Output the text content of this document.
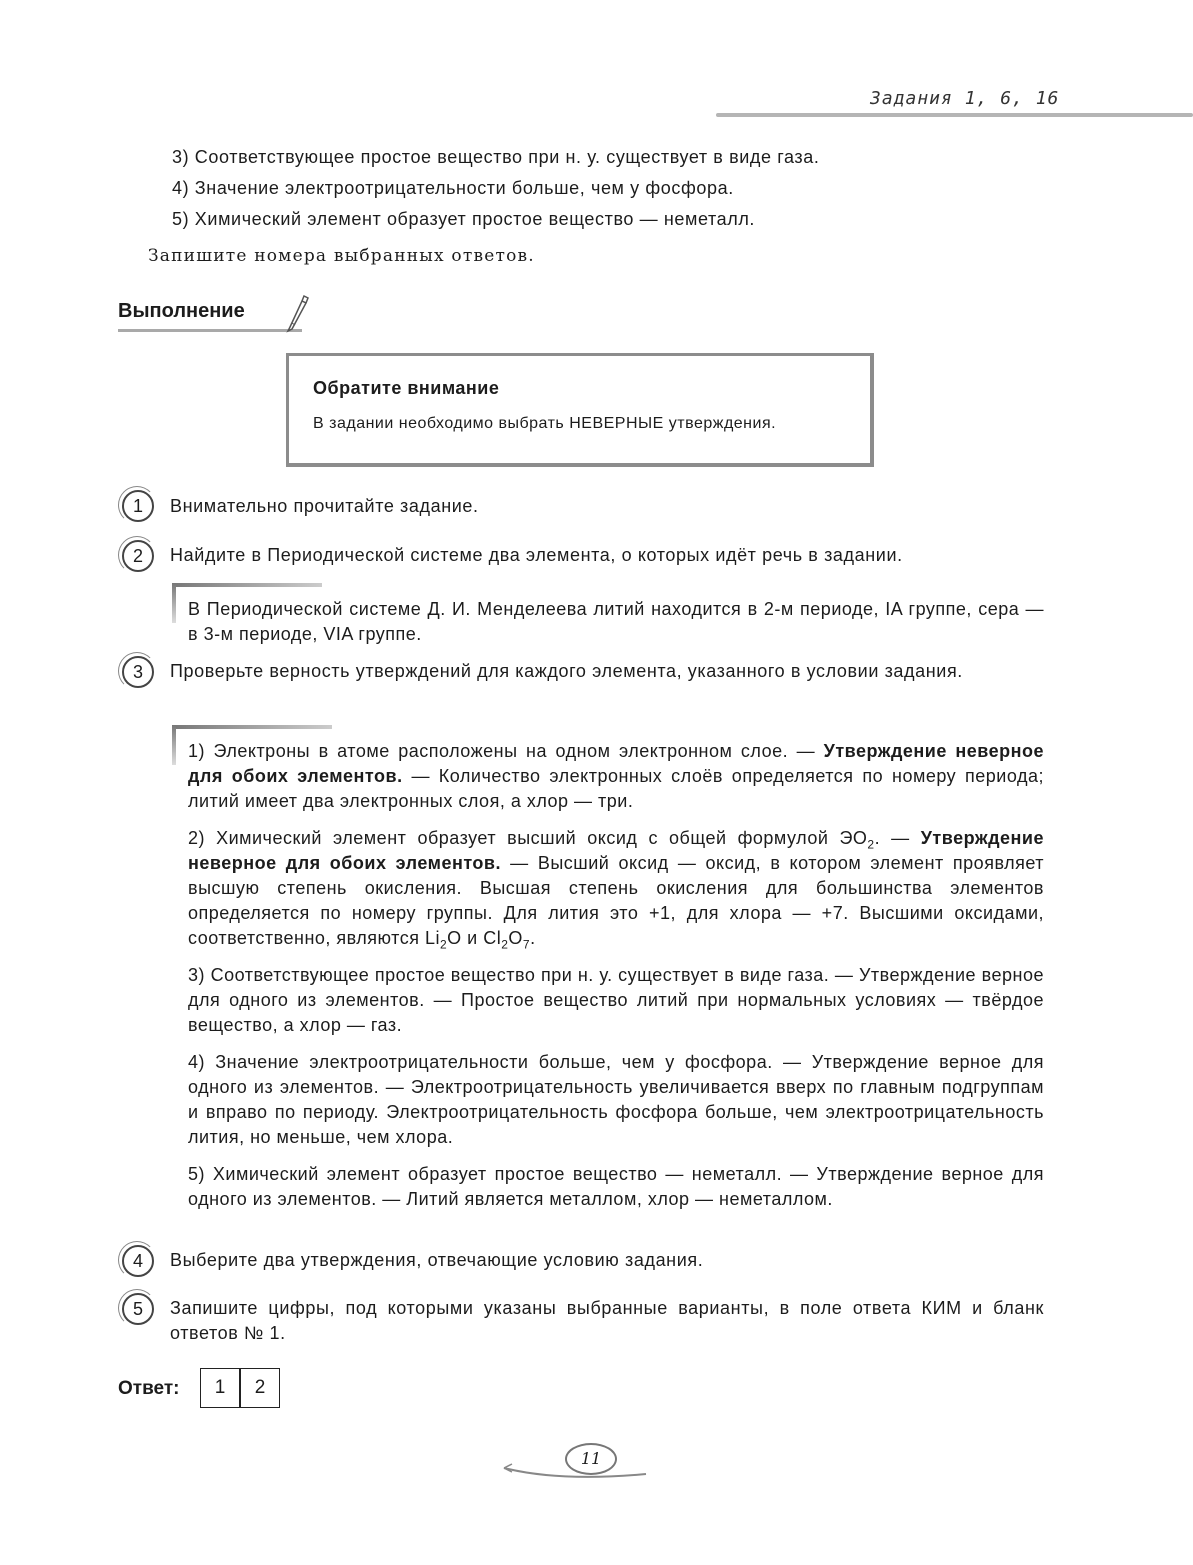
Задания 1, 6, 16
3) Соответствующее простое вещество при н. у. существует в виде газа.
4) Значение электроотрицательности больше, чем у фосфора.
5) Химический элемент образует простое вещество — неметалл.
Запишите номера выбранных ответов.
Выполнение
Обратите внимание
В задании необходимо выбрать НЕВЕРНЫЕ утверждения.
1	Внимательно прочитайте задание.
2	Найдите в Периодической системе два элемента, о которых идёт речь в задании.
В Периодической системе Д. И. Менделеева литий находится в 2-м периоде, IA группе, сера — в 3-м периоде, VIA группе.
3	Проверьте верность утверждений для каждого элемента, указанного в условии задания.

1) Электроны в атоме расположены на одном электронном слое. — Утверждение неверное для обоих элементов. — Количество электронных слоёв определяется по номеру периода; литий имеет два электронных слоя, а хлор — три.

2) Химический элемент образует высший оксид с общей формулой $ЭО_2$. — Утверждение неверное для обоих элементов. — Высший оксид — оксид, в котором элемент проявляет высшую степень окисления. Высшая степень окисления для большинства элементов определяется по номеру группы. Для лития это +1, для хлора — +7. Высшими оксидами, соответственно, являются $Li_2O$ и $Cl_2O_7$.

3) Соответствующее простое вещество при н. у. существует в виде газа. — Утверждение верное для одного из элементов. — Простое вещество литий при нормальных условиях — твёрдое вещество, а хлор — газ.

4) Значение электроотрицательности больше, чем у фосфора. — Утверждение верное для одного из элементов. — Электроотрицательность увеличивается вверх по главным подгруппам и вправо по периоду. Электроотрицательность фосфора больше, чем электроотрицательность лития, но меньше, чем хлора.

5) Химический элемент образует простое вещество — неметалл. — Утверждение верное для одного из элементов. — Литий является металлом, хлор — неметаллом.

4	Выберите два утверждения, отвечающие условию задания.
5	Запишите цифры, под которыми указаны выбранные варианты, в поле ответа КИМ и бланк ответов № 1.
Ответ:	1	2
11
